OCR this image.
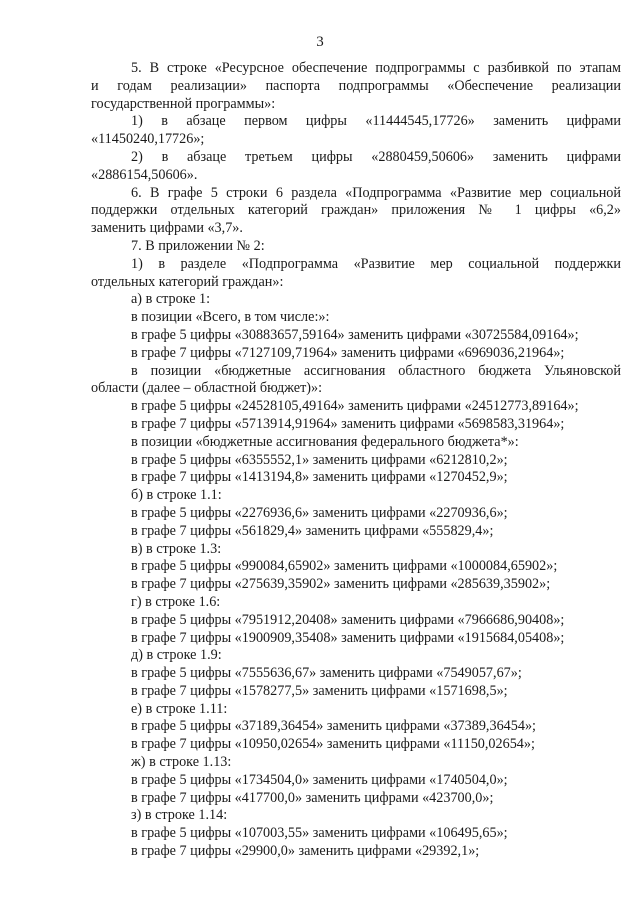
3

5. В строке «Ресурсное обеспечение подпрограммы с разбивкой по этапам

и годам реализации» паспорта подпрограммы «Обеспечение реализации

государственной программы»:

1) в абзаце первом цифры «11444545,17726» заменить цифрами

«11450240,17726»;

2) в абзаце третьем цифры «2880459,50606» заменить цифрами

«2886154,50606».

6. В графе 5 строки 6 раздела «Подпрограмма «Развитие мер социальной

поддержки отдельных категорий граждан» приложения № 1 цифры «6,2»

заменить цифрами «3,7».

7. В приложении № 2:

1) в разделе «Подпрограмма «Развитие мер социальной поддержки

отдельных категорий граждан»:

а) в строке 1:

в позиции «Всего, в том числе:»:

в графе 5 цифры «30883657,59164» заменить цифрами «30725584,09164»;

в графе 7 цифры «7127109,71964» заменить цифрами «6969036,21964»;

в позиции «бюджетные ассигнования областного бюджета Ульяновской

области (далее – областной бюджет)»:

в графе 5 цифры «24528105,49164» заменить цифрами «24512773,89164»;

в графе 7 цифры «5713914,91964» заменить цифрами «5698583,31964»;

в позиции «бюджетные ассигнования федерального бюджета*»:

в графе 5 цифры «6355552,1» заменить цифрами «6212810,2»;

в графе 7 цифры «1413194,8» заменить цифрами «1270452,9»;

б) в строке 1.1:

в графе 5 цифры «2276936,6» заменить цифрами «2270936,6»;

в графе 7 цифры «561829,4» заменить цифрами «555829,4»;

в) в строке 1.3:

в графе 5 цифры «990084,65902» заменить цифрами «1000084,65902»;

в графе 7 цифры «275639,35902» заменить цифрами «285639,35902»;

г) в строке 1.6:

в графе 5 цифры «7951912,20408» заменить цифрами «7966686,90408»;

в графе 7 цифры «1900909,35408» заменить цифрами «1915684,05408»;

д) в строке 1.9:

в графе 5 цифры «7555636,67» заменить цифрами «7549057,67»;

в графе 7 цифры «1578277,5» заменить цифрами «1571698,5»;

е) в строке 1.11:

в графе 5 цифры «37189,36454» заменить цифрами «37389,36454»;

в графе 7 цифры «10950,02654» заменить цифрами «11150,02654»;

ж) в строке 1.13:

в графе 5 цифры «1734504,0» заменить цифрами «1740504,0»;

в графе 7 цифры «417700,0» заменить цифрами «423700,0»;

з) в строке 1.14:

в графе 5 цифры «107003,55» заменить цифрами «106495,65»;

в графе 7 цифры «29900,0» заменить цифрами «29392,1»;
